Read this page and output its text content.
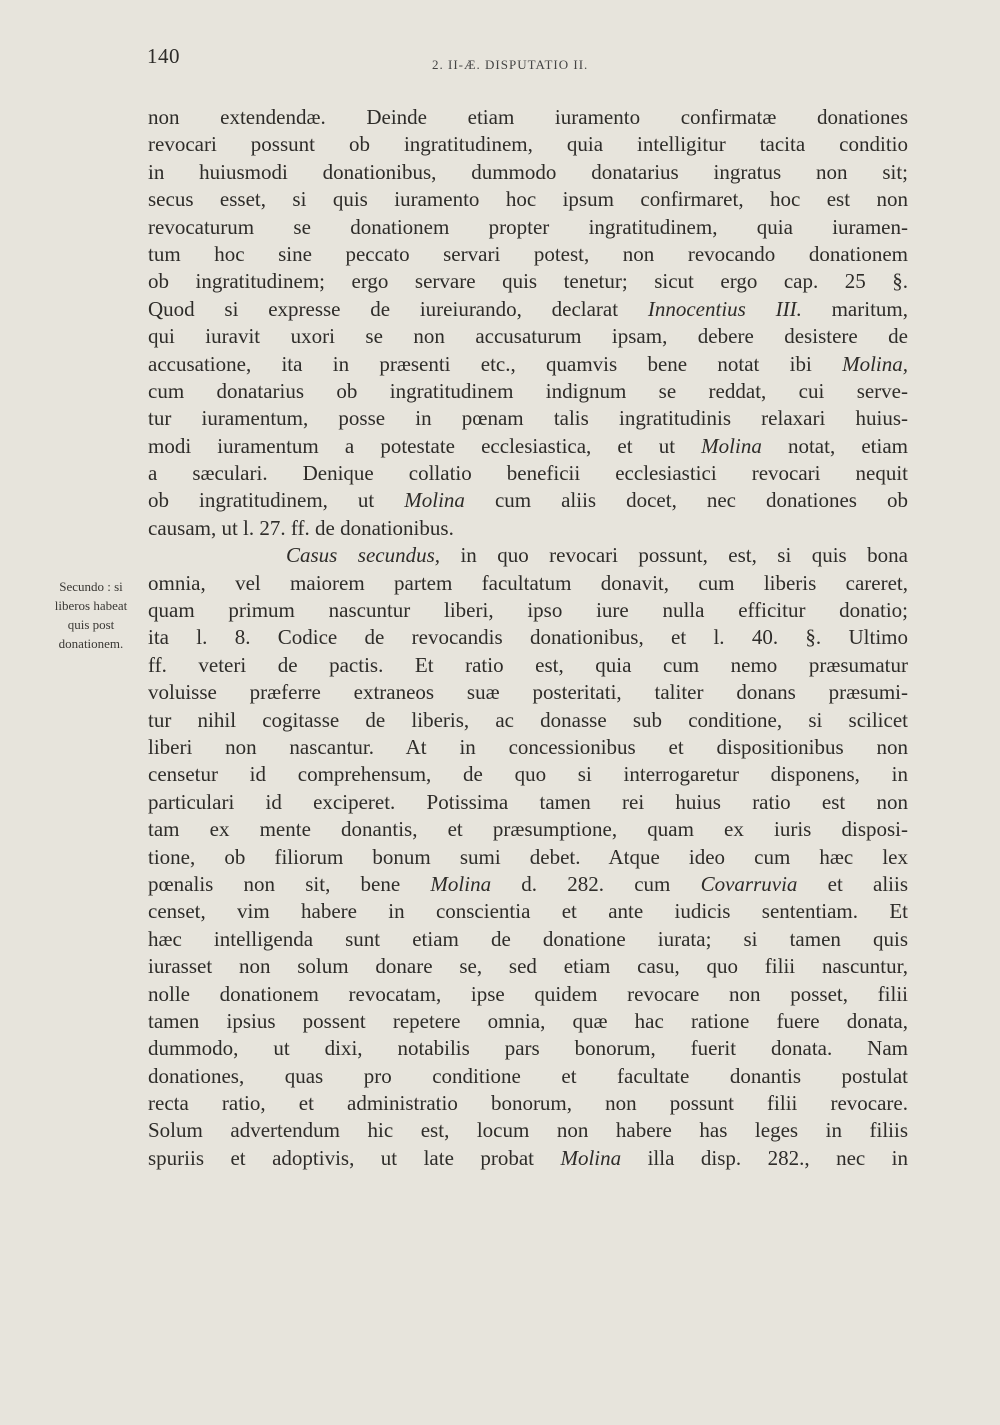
140	2. II-Æ. DISPUTATIO II.
Secundo : si
liberos habeat
quis post
donationem.
non extendendæ. Deinde etiam iuramento confirmatæ donationes
revocari possunt ob ingratitudinem, quia intelligitur tacita conditio
in huiusmodi donationibus, dummodo donatarius ingratus non sit;
secus esset, si quis iuramento hoc ipsum confirmaret, hoc est non
revocaturum se donationem propter ingratitudinem, quia iuramen-
tum hoc sine peccato servari potest, non revocando donationem
ob ingratitudinem; ergo servare quis tenetur; sicut ergo cap. 25 §.
Quod si expresse de iureiurando, declarat Innocentius III. maritum,
qui iuravit uxori se non accusaturum ipsam, debere desistere de
accusatione, ita in præsenti etc., quamvis bene notat ibi Molina,
cum donatarius ob ingratitudinem indignum se reddat, cui serve-
tur iuramentum, posse in pœnam talis ingratitudinis relaxari huius-
modi iuramentum a potestate ecclesiastica, et ut Molina notat, etiam
a sæculari. Denique collatio beneficii ecclesiastici revocari nequit
ob ingratitudinem, ut Molina cum aliis docet, nec donationes ob
causam, ut l. 27. ff. de donationibus.
Casus secundus, in quo revocari possunt, est, si quis bona
omnia, vel maiorem partem facultatum donavit, cum liberis careret,
quam primum nascuntur liberi, ipso iure nulla efficitur donatio;
ita l. 8. Codice de revocandis donationibus, et l. 40. §. Ultimo
ff. veteri de pactis. Et ratio est, quia cum nemo præsumatur
voluisse præferre extraneos suæ posteritati, taliter donans præsumi-
tur nihil cogitasse de liberis, ac donasse sub conditione, si scilicet
liberi non nascantur. At in concessionibus et dispositionibus non
censetur id comprehensum, de quo si interrogaretur disponens, in
particulari id exciperet. Potissima tamen rei huius ratio est non
tam ex mente donantis, et præsumptione, quam ex iuris disposi-
tione, ob filiorum bonum sumi debet. Atque ideo cum hæc lex
pœnalis non sit, bene Molina d. 282. cum Covarruvia et aliis
censet, vim habere in conscientia et ante iudicis sententiam. Et
hæc intelligenda sunt etiam de donatione iurata; si tamen quis
iurasset non solum donare se, sed etiam casu, quo filii nascuntur,
nolle donationem revocatam, ipse quidem revocare non posset, filii
tamen ipsius possent repetere omnia, quæ hac ratione fuere donata,
dummodo, ut dixi, notabilis pars bonorum, fuerit donata. Nam
donationes, quas pro conditione et facultate donantis postulat
recta ratio, et administratio bonorum, non possunt filii revocare.
Solum advertendum hic est, locum non habere has leges in filiis
spuriis et adoptivis, ut late probat Molina illa disp. 282., nec in
